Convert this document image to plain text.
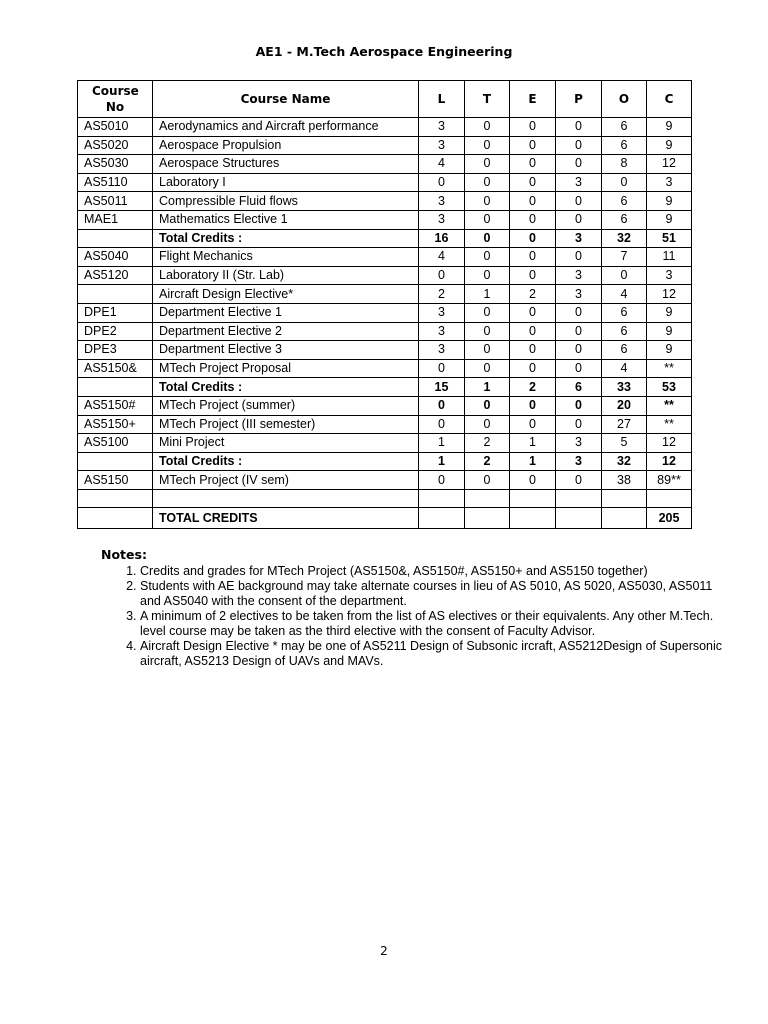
AE1 - M.Tech Aerospace Engineering
Course No	Course Name	L	T	E	P	O	C
AS5010	Aerodynamics and Aircraft performance	3	0	0	0	6	9
AS5020	Aerospace Propulsion	3	0	0	0	6	9
AS5030	Aerospace Structures	4	0	0	0	8	12
AS5110	Laboratory I	0	0	0	3	0	3
AS5011	Compressible Fluid flows	3	0	0	0	6	9
MAE1	Mathematics Elective 1	3	0	0	0	6	9
	Total Credits :	16	0	0	3	32	51
AS5040	Flight Mechanics	4	0	0	0	7	11
AS5120	Laboratory II (Str. Lab)	0	0	0	3	0	3
	Aircraft Design Elective*	2	1	2	3	4	12
DPE1	Department Elective 1	3	0	0	0	6	9
DPE2	Department Elective 2	3	0	0	0	6	9
DPE3	Department Elective 3	3	0	0	0	6	9
AS5150&	MTech Project Proposal	0	0	0	0	4	**
	Total Credits :	15	1	2	6	33	53
AS5150#	MTech Project (summer)	0	0	0	0	20	**
AS5150+	MTech Project (III semester)	0	0	0	0	27	**
AS5100	Mini Project	1	2	1	3	5	12
	Total Credits :	1	2	1	3	32	12
AS5150	MTech Project (IV sem)	0	0	0	0	38	89**

	TOTAL CREDITS						205
Notes:
1. Credits and grades for MTech Project (AS5150&, AS5150#, AS5150+ and AS5150 together)
2. Students with AE background may take alternate courses in lieu of AS 5010, AS 5020, AS5030, AS5011 and AS5040 with the consent of the department.
3. A minimum of 2 electives to be taken from the list of AS electives or their equivalents. Any other M.Tech. level course may be taken as the third elective with the consent of Faculty Advisor.
4. Aircraft Design Elective * may be one of AS5211 Design of Subsonic ircraft, AS5212Design of Supersonic aircraft, AS5213 Design of UAVs and MAVs.
2
